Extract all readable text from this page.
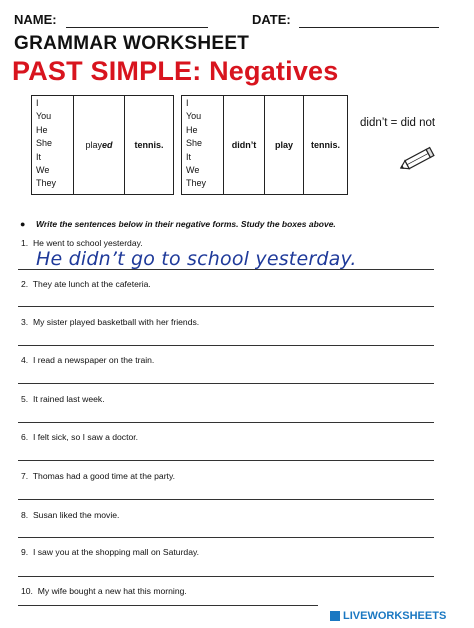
NAME:	DATE:
GRAMMAR WORKSHEET
PAST SIMPLE: Negatives
I
You
He
She
It
We
They
play ed	tennis.
I
You
He
She
It
We
They
didn’t	play	tennis.
didn’t = did not
● Write the sentences below in their negative forms. Study the boxes above.
1. He went to school yesterday.
He didn’t go to school yesterday.
2. They ate lunch at the cafeteria.
3. My sister played basketball with her friends.
4. I read a newspaper on the train.
5. It rained last week.
6. I felt sick, so I saw a doctor.
7. Thomas had a good time at the party.
8. Susan liked the movie.
9. I saw you at the shopping mall on Saturday.
10. My wife bought a new hat this morning.
LIVEWORKSHEETS
